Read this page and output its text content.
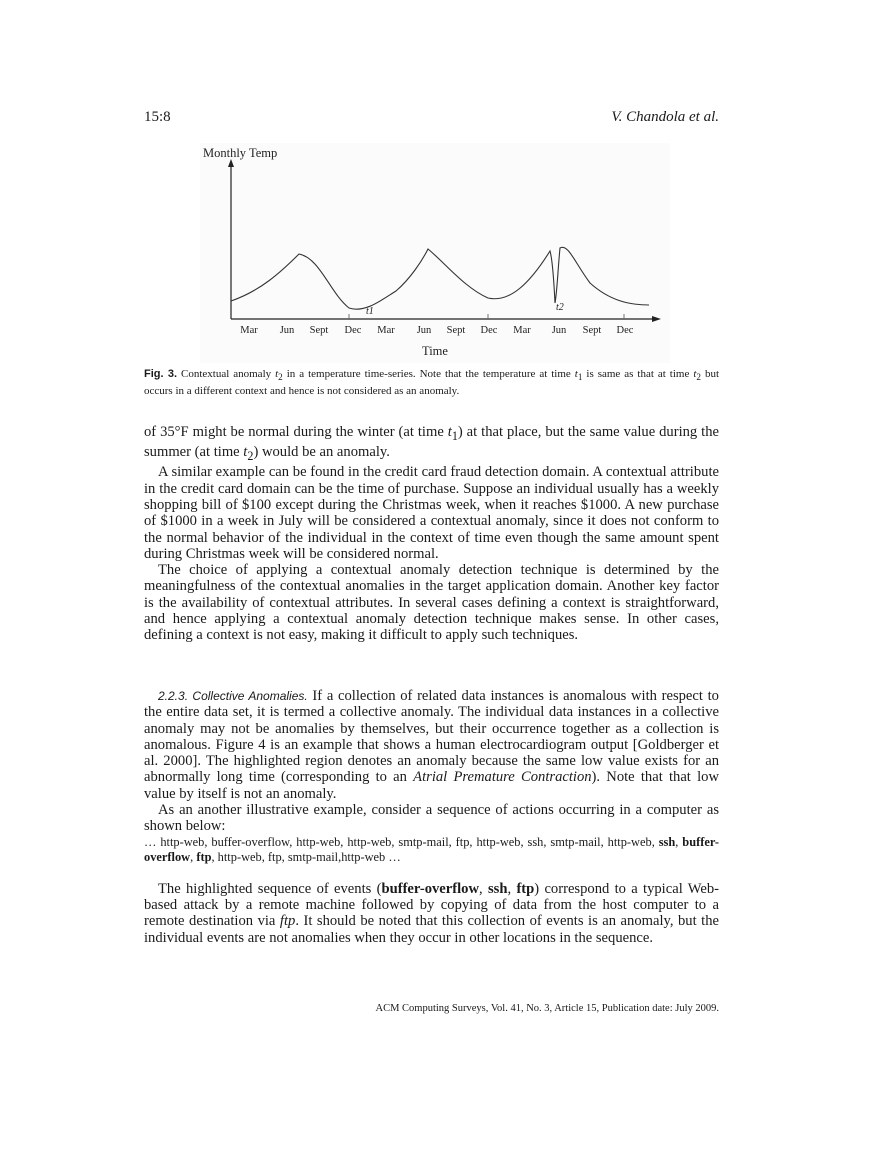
15:8	V. Chandola et al.
Monthly Temp
t1	t2
Mar Jun Sept Dec Mar Jun Sept Dec Mar Jun Sept Dec
Time
Fig. 3. Contextual anomaly $t_2$ in a temperature time-series. Note that the temperature at time $t_1$ is same as that at time $t_2$ but occurs in a different context and hence is not considered as an anomaly.

of 35°F might be normal during the winter (at time $t_1$) at that place, but the same value during the summer (at time $t_2$) would be an anomaly.

A similar example can be found in the credit card fraud detection domain. A contextual attribute in the credit card domain can be the time of purchase. Suppose an individual usually has a weekly shopping bill of $100 except during the Christmas week, when it reaches $1000. A new purchase of $1000 in a week in July will be considered a contextual anomaly, since it does not conform to the normal behavior of the individual in the context of time even though the same amount spent during Christmas week will be considered normal.

The choice of applying a contextual anomaly detection technique is determined by the meaningfulness of the contextual anomalies in the target application domain. Another key factor is the availability of contextual attributes. In several cases defining a context is straightforward, and hence applying a contextual anomaly detection technique makes sense. In other cases, defining a context is not easy, making it difficult to apply such techniques.

2.2.3. Collective Anomalies. If a collection of related data instances is anomalous with respect to the entire data set, it is termed a collective anomaly. The individual data instances in a collective anomaly may not be anomalies by themselves, but their occurrence together as a collection is anomalous. Figure 4 is an example that shows a human electrocardiogram output [Goldberger et al. 2000]. The highlighted region denotes an anomaly because the same low value exists for an abnormally long time (corresponding to an Atrial Premature Contraction). Note that that low value by itself is not an anomaly.

As an another illustrative example, consider a sequence of actions occurring in a computer as shown below:

… http-web, buffer-overflow, http-web, http-web, smtp-mail, ftp, http-web, ssh, smtp-mail, http-web, ssh, buffer-overflow, ftp, http-web, ftp, smtp-mail,http-web …

The highlighted sequence of events (buffer-overflow, ssh, ftp) correspond to a typical Web-based attack by a remote machine followed by copying of data from the host computer to a remote destination via ftp. It should be noted that this collection of events is an anomaly, but the individual events are not anomalies when they occur in other locations in the sequence.

ACM Computing Surveys, Vol. 41, No. 3, Article 15, Publication date: July 2009.
